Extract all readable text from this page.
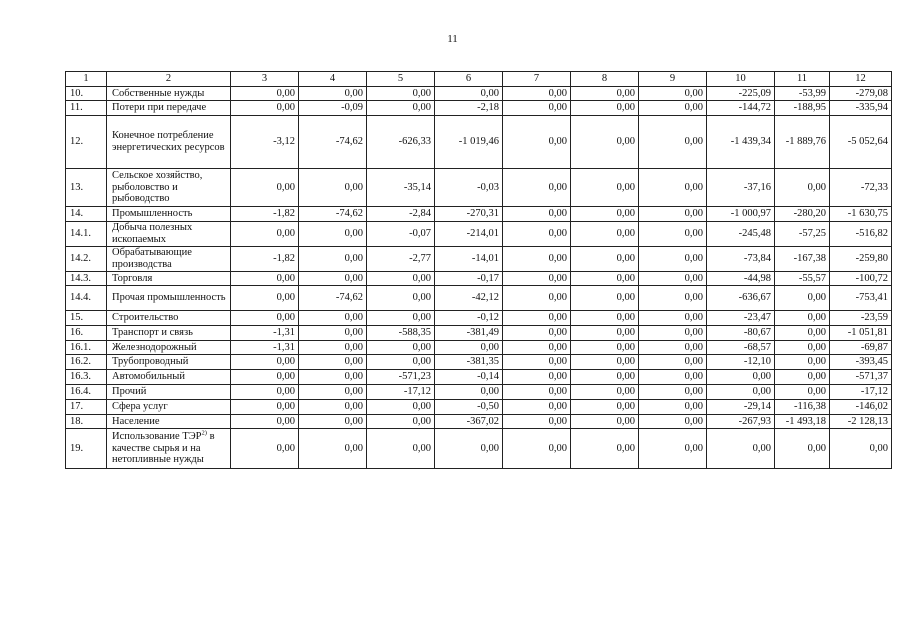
11
1	2	3	4	5	6	7	8	9	10	11	12
10.	Собственные нужды	0,00	0,00	0,00	0,00	0,00	0,00	0,00	-225,09	-53,99	-279,08
11.	Потери при передаче	0,00	-0,09	0,00	-2,18	0,00	0,00	0,00	-144,72	-188,95	-335,94
12.	Конечное потребление энергетических ресурсов	-3,12	-74,62	-626,33	-1 019,46	0,00	0,00	0,00	-1 439,34	-1 889,76	-5 052,64
13.	Сельское хозяйство, рыболовство и рыбоводство	0,00	0,00	-35,14	-0,03	0,00	0,00	0,00	-37,16	0,00	-72,33
14.	Промышленность	-1,82	-74,62	-2,84	-270,31	0,00	0,00	0,00	-1 000,97	-280,20	-1 630,75
14.1.	Добыча полезных ископаемых	0,00	0,00	-0,07	-214,01	0,00	0,00	0,00	-245,48	-57,25	-516,82
14.2.	Обрабатывающие производства	-1,82	0,00	-2,77	-14,01	0,00	0,00	0,00	-73,84	-167,38	-259,80
14.3.	Торговля	0,00	0,00	0,00	-0,17	0,00	0,00	0,00	-44,98	-55,57	-100,72
14.4.	Прочая промышленность	0,00	-74,62	0,00	-42,12	0,00	0,00	0,00	-636,67	0,00	-753,41
15.	Строительство	0,00	0,00	0,00	-0,12	0,00	0,00	0,00	-23,47	0,00	-23,59
16.	Транспорт и связь	-1,31	0,00	-588,35	-381,49	0,00	0,00	0,00	-80,67	0,00	-1 051,81
16.1.	Железнодорожный	-1,31	0,00	0,00	0,00	0,00	0,00	0,00	-68,57	0,00	-69,87
16.2.	Трубопроводный	0,00	0,00	0,00	-381,35	0,00	0,00	0,00	-12,10	0,00	-393,45
16.3.	Автомобильный	0,00	0,00	-571,23	-0,14	0,00	0,00	0,00	0,00	0,00	-571,37
16.4.	Прочий	0,00	0,00	-17,12	0,00	0,00	0,00	0,00	0,00	0,00	-17,12
17.	Сфера услуг	0,00	0,00	0,00	-0,50	0,00	0,00	0,00	-29,14	-116,38	-146,02
18.	Население	0,00	0,00	0,00	-367,02	0,00	0,00	0,00	-267,93	-1 493,18	-2 128,13
19.	Использование ТЭР$^{2)}$ в качестве сырья и на нетопливные нужды	0,00	0,00	0,00	0,00	0,00	0,00	0,00	0,00	0,00	0,00
